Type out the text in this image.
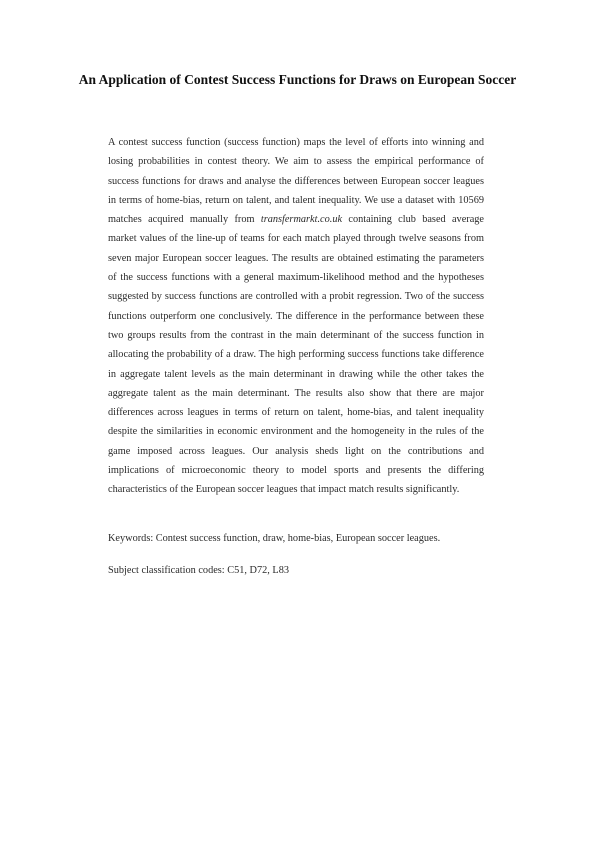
An Application of Contest Success Functions for Draws on European Soccer

A contest success function (success function) maps the level of efforts into winning and losing probabilities in contest theory. We aim to assess the empirical performance of success functions for draws and analyse the differences between European soccer leagues in terms of home-bias, return on talent, and talent inequality. We use a dataset with 10569 matches acquired manually from transfermarkt.co.uk containing club based average market values of the line-up of teams for each match played through twelve seasons from seven major European soccer leagues. The results are obtained estimating the parameters of the success functions with a general maximum-likelihood method and the hypotheses suggested by success functions are controlled with a probit regression. Two of the success functions outperform one conclusively. The difference in the performance between these two groups results from the contrast in the main determinant of the success function in allocating the probability of a draw. The high performing success functions take difference in aggregate talent levels as the main determinant in drawing while the other takes the aggregate talent as the main determinant. The results also show that there are major differences across leagues in terms of return on talent, home-bias, and talent inequality despite the similarities in economic environment and the homogeneity in the rules of the game imposed across leagues. Our analysis sheds light on the contributions and implications of microeconomic theory to model sports and presents the differing characteristics of the European soccer leagues that impact match results significantly.

Keywords: Contest success function, draw, home-bias, European soccer leagues.

Subject classification codes: C51, D72, L83
